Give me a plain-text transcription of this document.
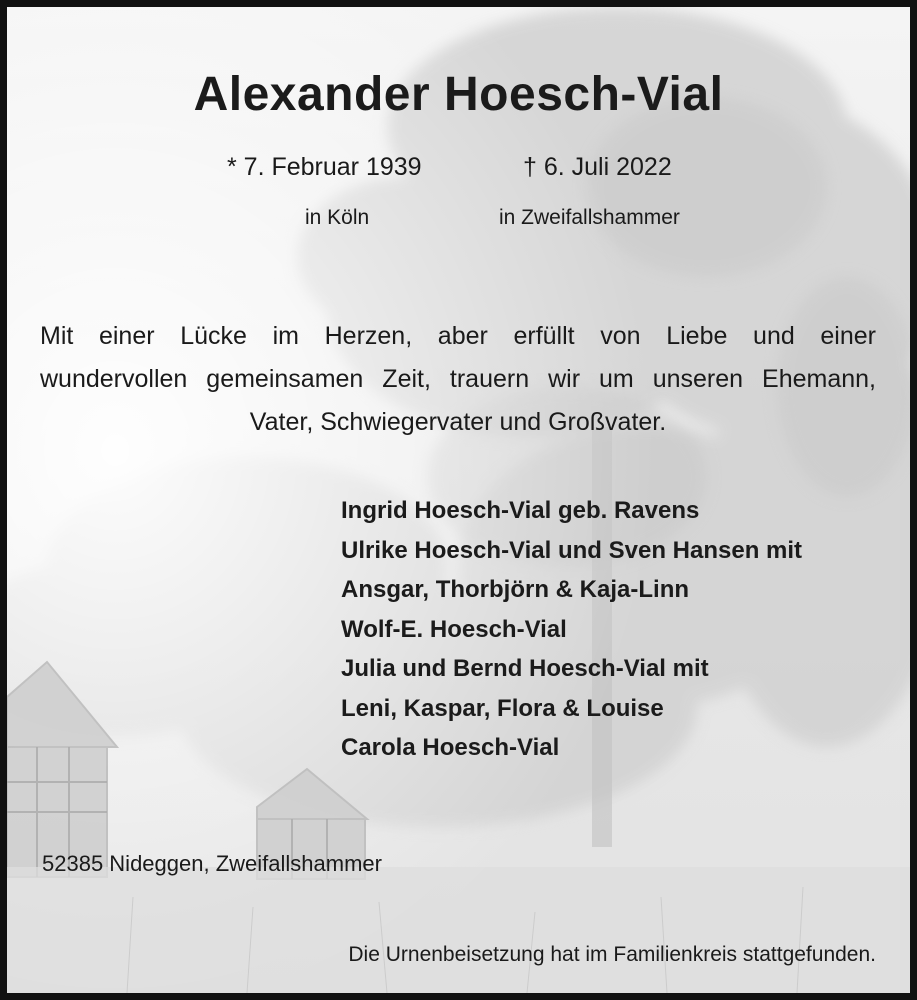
Alexander Hoesch-Vial
* 7. Februar 1939	† 6. Juli 2022
in Köln	in Zweifallshammer
Mit einer Lücke im Herzen, aber erfüllt von Liebe und einer
wundervollen gemeinsamen Zeit, trauern wir um unseren Ehemann,
Vater, Schwiegervater und Großvater.
Ingrid Hoesch-Vial geb. Ravens
Ulrike Hoesch-Vial und Sven Hansen mit
Ansgar, Thorbjörn & Kaja-Linn
Wolf-E. Hoesch-Vial
Julia und Bernd Hoesch-Vial mit
Leni, Kaspar, Flora & Louise
Carola Hoesch-Vial
52385 Nideggen, Zweifallshammer
Die Urnenbeisetzung hat im Familienkreis stattgefunden.
